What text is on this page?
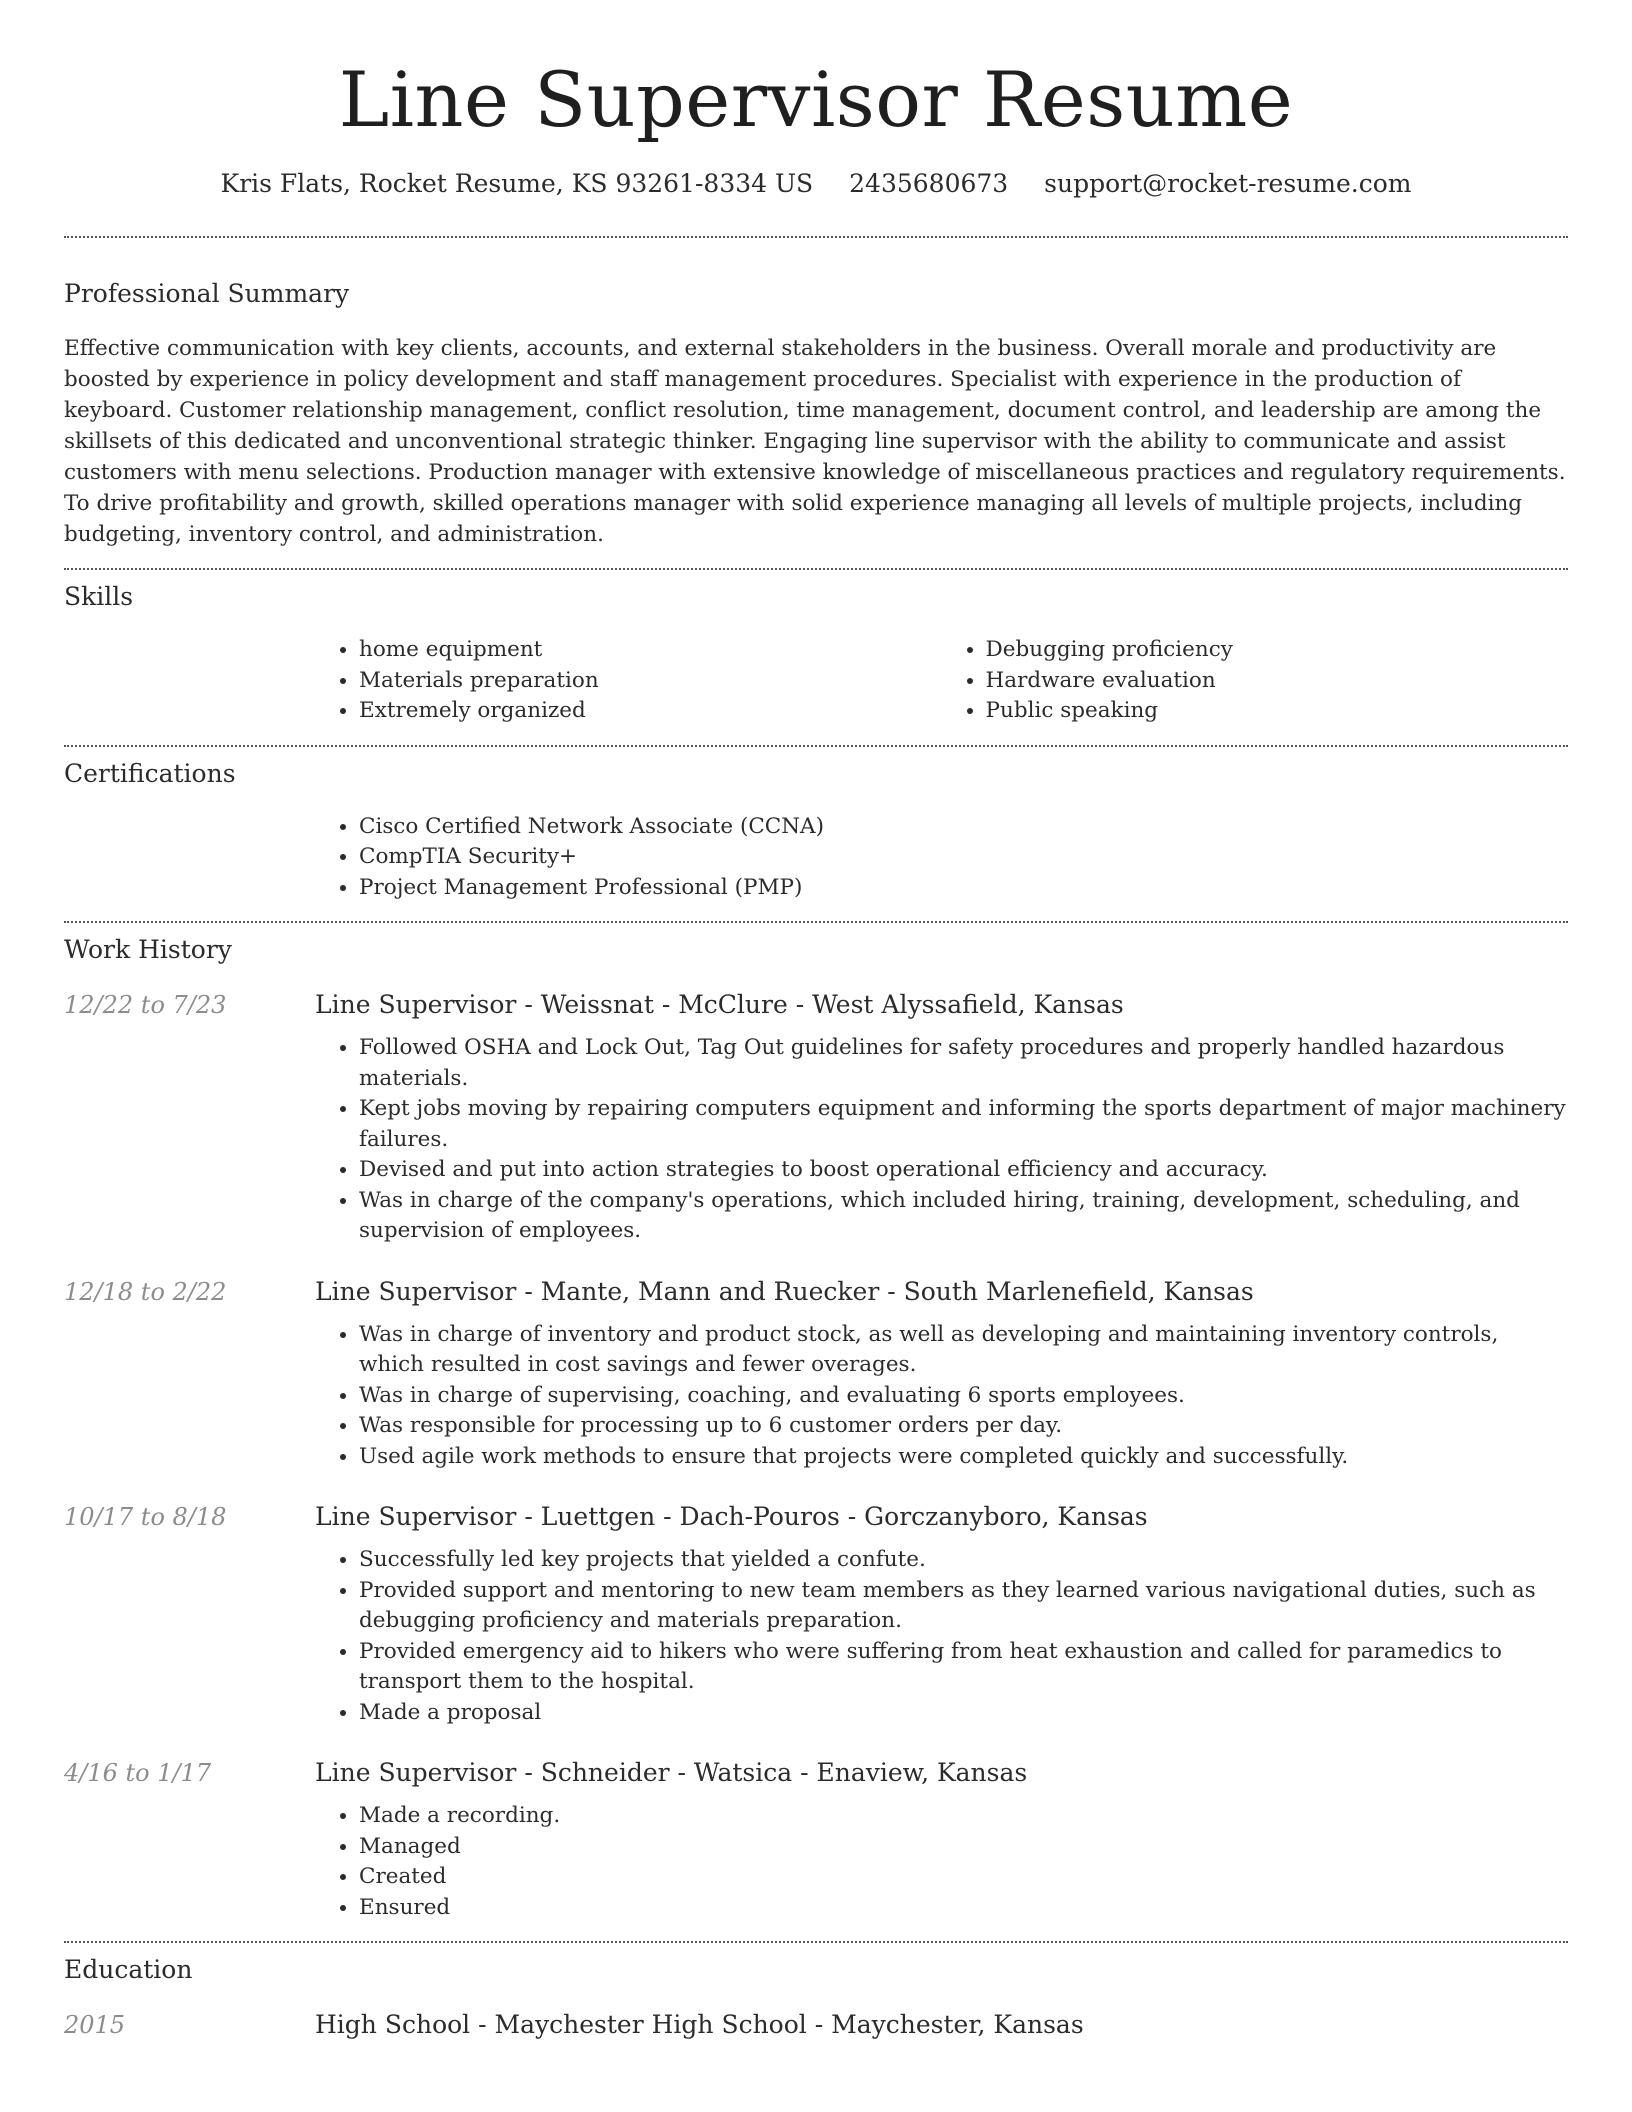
Line Supervisor Resume
Kris Flats, Rocket Resume, KS 93261-8334 US 2435680673 support@rocket-resume.com
Professional Summary

Effective communication with key clients, accounts, and external stakeholders in the business. Overall morale and productivity are boosted by experience in policy development and staff management procedures. Specialist with experience in the production of keyboard. Customer relationship management, conflict resolution, time management, document control, and leadership are among the skillsets of this dedicated and unconventional strategic thinker. Engaging line supervisor with the ability to communicate and assist customers with menu selections. Production manager with extensive knowledge of miscellaneous practices and regulatory requirements. To drive profitability and growth, skilled operations manager with solid experience managing all levels of multiple projects, including budgeting, inventory control, and administration.

Skills
• home equipment
• Materials preparation
• Extremely organized
• Debugging proficiency
• Hardware evaluation
• Public speaking
Certifications
• Cisco Certified Network Associate (CCNA)
• CompTIA Security+
• Project Management Professional (PMP)
Work History
12/22 to 7/23	Line Supervisor - Weissnat - McClure - West Alyssafield, Kansas
• Followed OSHA and Lock Out, Tag Out guidelines for safety procedures and properly handled hazardous materials.
• Kept jobs moving by repairing computers equipment and informing the sports department of major machinery failures.
• Devised and put into action strategies to boost operational efficiency and accuracy.
• Was in charge of the company's operations, which included hiring, training, development, scheduling, and supervision of employees.
12/18 to 2/22	Line Supervisor - Mante, Mann and Ruecker - South Marlenefield, Kansas
• Was in charge of inventory and product stock, as well as developing and maintaining inventory controls, which resulted in cost savings and fewer overages.
• Was in charge of supervising, coaching, and evaluating 6 sports employees.
• Was responsible for processing up to 6 customer orders per day.
• Used agile work methods to ensure that projects were completed quickly and successfully.
10/17 to 8/18	Line Supervisor - Luettgen - Dach-Pouros - Gorczanyboro, Kansas
• Successfully led key projects that yielded a confute.
• Provided support and mentoring to new team members as they learned various navigational duties, such as debugging proficiency and materials preparation.
• Provided emergency aid to hikers who were suffering from heat exhaustion and called for paramedics to transport them to the hospital.
• Made a proposal
4/16 to 1/17	Line Supervisor - Schneider - Watsica - Enaview, Kansas
• Made a recording.
• Managed
• Created
• Ensured
Education
2015	High School - Maychester High School - Maychester, Kansas
